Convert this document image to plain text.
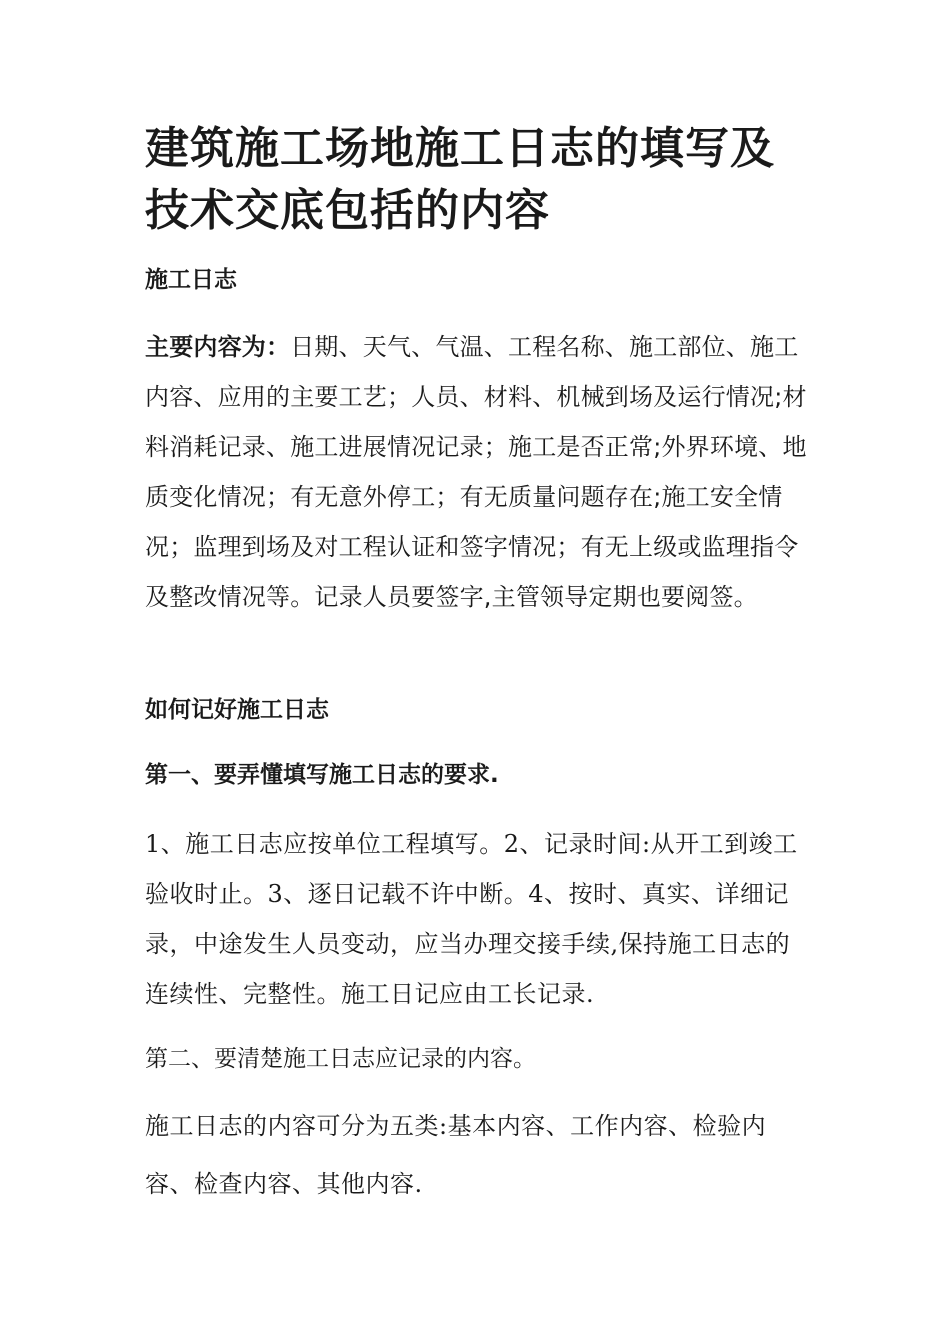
建筑施工场地施工日志的填写及技术交底包括的内容
施工日志

主要内容为：日期、天气、气温、工程名称、施工部位、施工内容、应用的主要工艺；人员、材料、机械到场及运行情况;材料消耗记录、施工进展情况记录；施工是否正常;外界环境、地质变化情况；有无意外停工；有无质量问题存在;施工安全情况；监理到场及对工程认证和签字情况；有无上级或监理指令及整改情况等。记录人员要签字,主管领导定期也要阅签。

如何记好施工日志
第一、要弄懂填写施工日志的要求.

1、施工日志应按单位工程填写。2、记录时间:从开工到竣工验收时止。3、逐日记载不许中断。4、按时、真实、详细记录，中途发生人员变动，应当办理交接手续,保持施工日志的连续性、完整性。施工日记应由工长记录.

第二、要清楚施工日志应记录的内容。

施工日志的内容可分为五类:基本内容、工作内容、检验内容、检查内容、其他内容.
